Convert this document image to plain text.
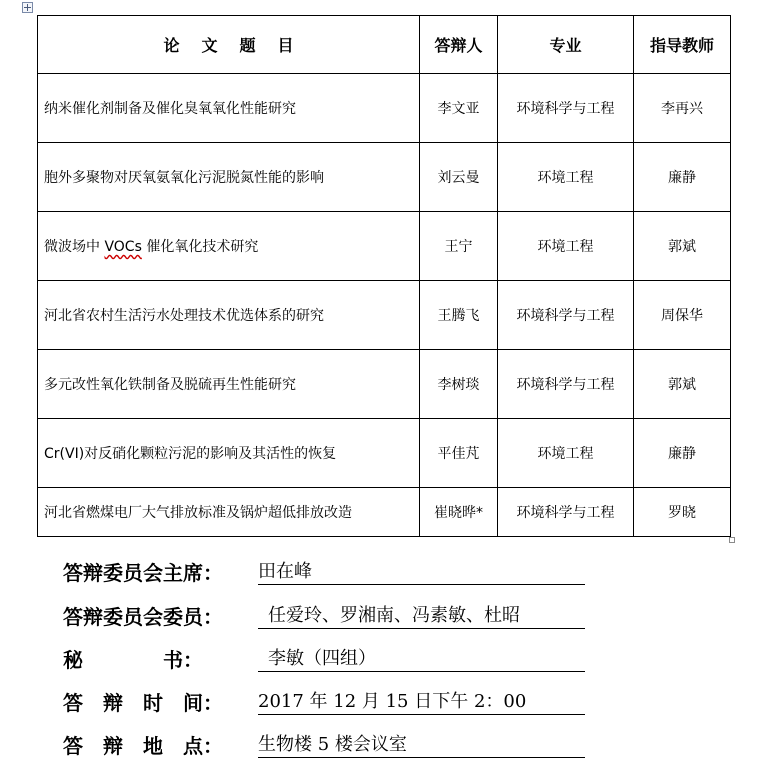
论文题目	答辩人	专业	指导教师
纳米催化剂制备及催化臭氧氧化性能研究	李文亚	环境科学与工程	李再兴
胞外多聚物对厌氧氨氧化污泥脱氮性能的影响	刘云曼	环境工程	廉静
微波场中 VOCs 催化氧化技术研究	王宁	环境工程	郭斌
河北省农村生活污水处理技术优选体系的研究	王腾飞	环境科学与工程	周保华
多元改性氧化铁制备及脱硫再生性能研究	李树琰	环境科学与工程	郭斌
Cr(VI)对反硝化颗粒污泥的影响及其活性的恢复	平佳芃	环境工程	廉静
河北省燃煤电厂大气排放标准及锅炉超低排放改造	崔晓晔*	环境科学与工程	罗晓
答辩委员会主席： 田在峰
答辩委员会委员：	任爱玲、罗湘南、冯素敏、杜昭
秘　　　　书：	李敏（四组）
答　辩　时　间： 2017 年 12 月 15 日下午 2：00
答　辩　地　点： 生物楼 5 楼会议室
